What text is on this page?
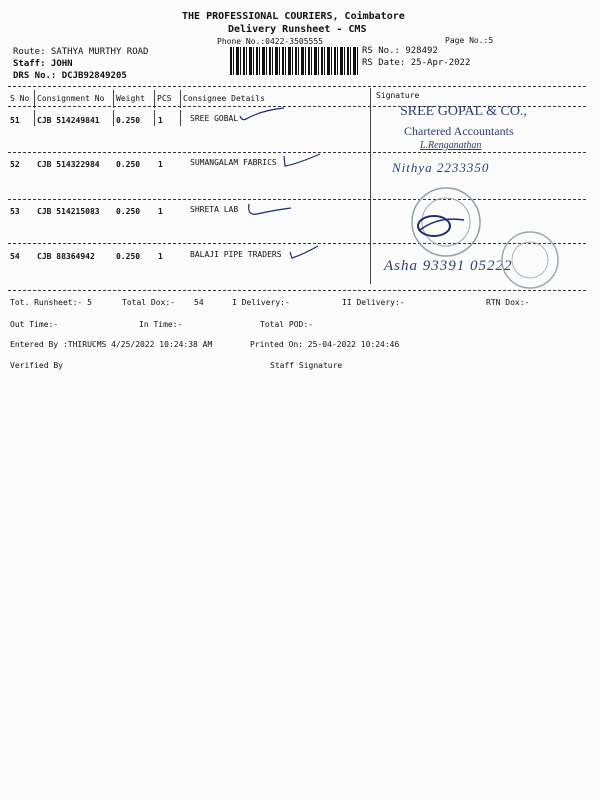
THE PROFESSIONAL COURIERS, Coimbatore
Delivery Runsheet - CMS
Phone No.:0422-3505555	Page No.:5
Route: SATHYA MURTHY ROAD
Staff: JOHN
DRS No.: DCJB92849205
RS No.: 928492
RS Date: 25-Apr-2022
S No Consignment No Weight PCS Consignee Details	Signature
51 CJB 514249841 0.250 1	SREE GOBAL
52 CJB 514322984 0.250 1	SUMANGALAM FABRICS
53 CJB 514215083 0.250 1	SHRETA LAB
54 CJB 88364942	0.250 1	BALAJI PIPE TRADERS
SREE GOPAL & CO.,
Chartered Accountants
L.Renganathan
Nithya 2233350
Asha 93391 05222
Tot. Runsheet:- 5	Total Dox:- 54	I Delivery:-	II Delivery:-	RTN Dox:-
Out Time:-	In Time:-	Total POD:-
Entered By :THIRUCMS 4/25/2022 10:24:38 AM	Printed On: 25-04-2022 10:24:46
Verified By	Staff Signature
